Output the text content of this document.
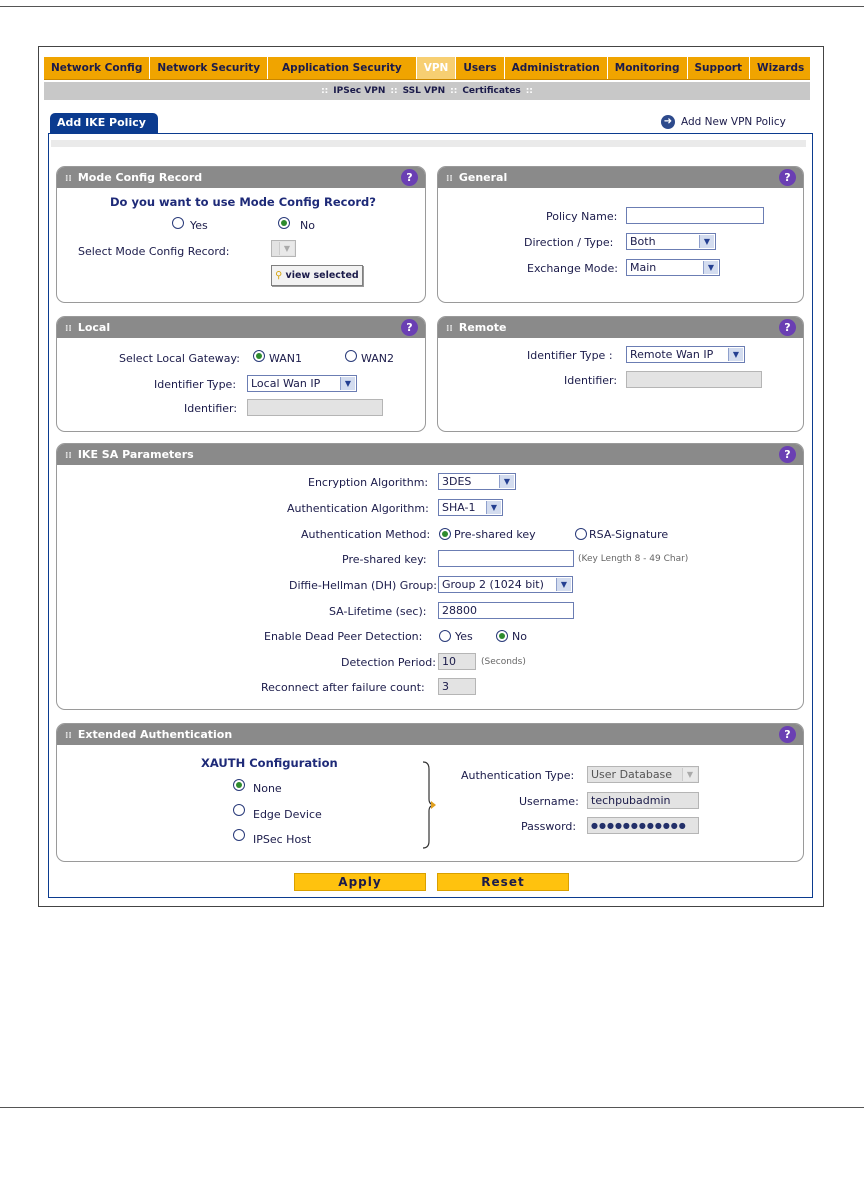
Network Config	Network Security	Application Security	VPN	Users	Administration	Monitoring	Support	Wizards
:: IPSec VPN :: SSL VPN :: Certificates ::
Add IKE Policy	➜ Add New VPN Policy
⁞⁞ Mode Config Record	?
Do you want to use Mode Config Record?
Yes	No
Select Mode Config Record:	▼
⚲ view selected
⁞⁞ General	?
Policy Name:
Direction / Type:	Both	▼
Exchange Mode:	Main	▼
⁞⁞ Local	?
Select Local Gateway:	WAN1	WAN2
Identifier Type:	Local Wan IP	▼
Identifier:
⁞⁞ Remote	?
Identifier Type :	Remote Wan IP	▼
Identifier:
⁞⁞ IKE SA Parameters	?
Encryption Algorithm:	3DES	▼
Authentication Algorithm:	SHA-1	▼
Authentication Method: Pre-shared key	RSA-Signature
Pre-shared key:	(Key Length 8 - 49 Char)
Diffie-Hellman (DH) Group: Group 2 (1024 bit)	▼
SA-Lifetime (sec):	28800
Enable Dead Peer Detection:	Yes	No
Detection Period: 10	(Seconds)
Reconnect after failure count:	3
⁞⁞ Extended Authentication	?
XAUTH Configuration
None
Edge Device
IPSec Host
Authentication Type:	User Database	▼
Username:	techpubadmin
Password:	●●●●●●●●●●●●
Apply	Reset
